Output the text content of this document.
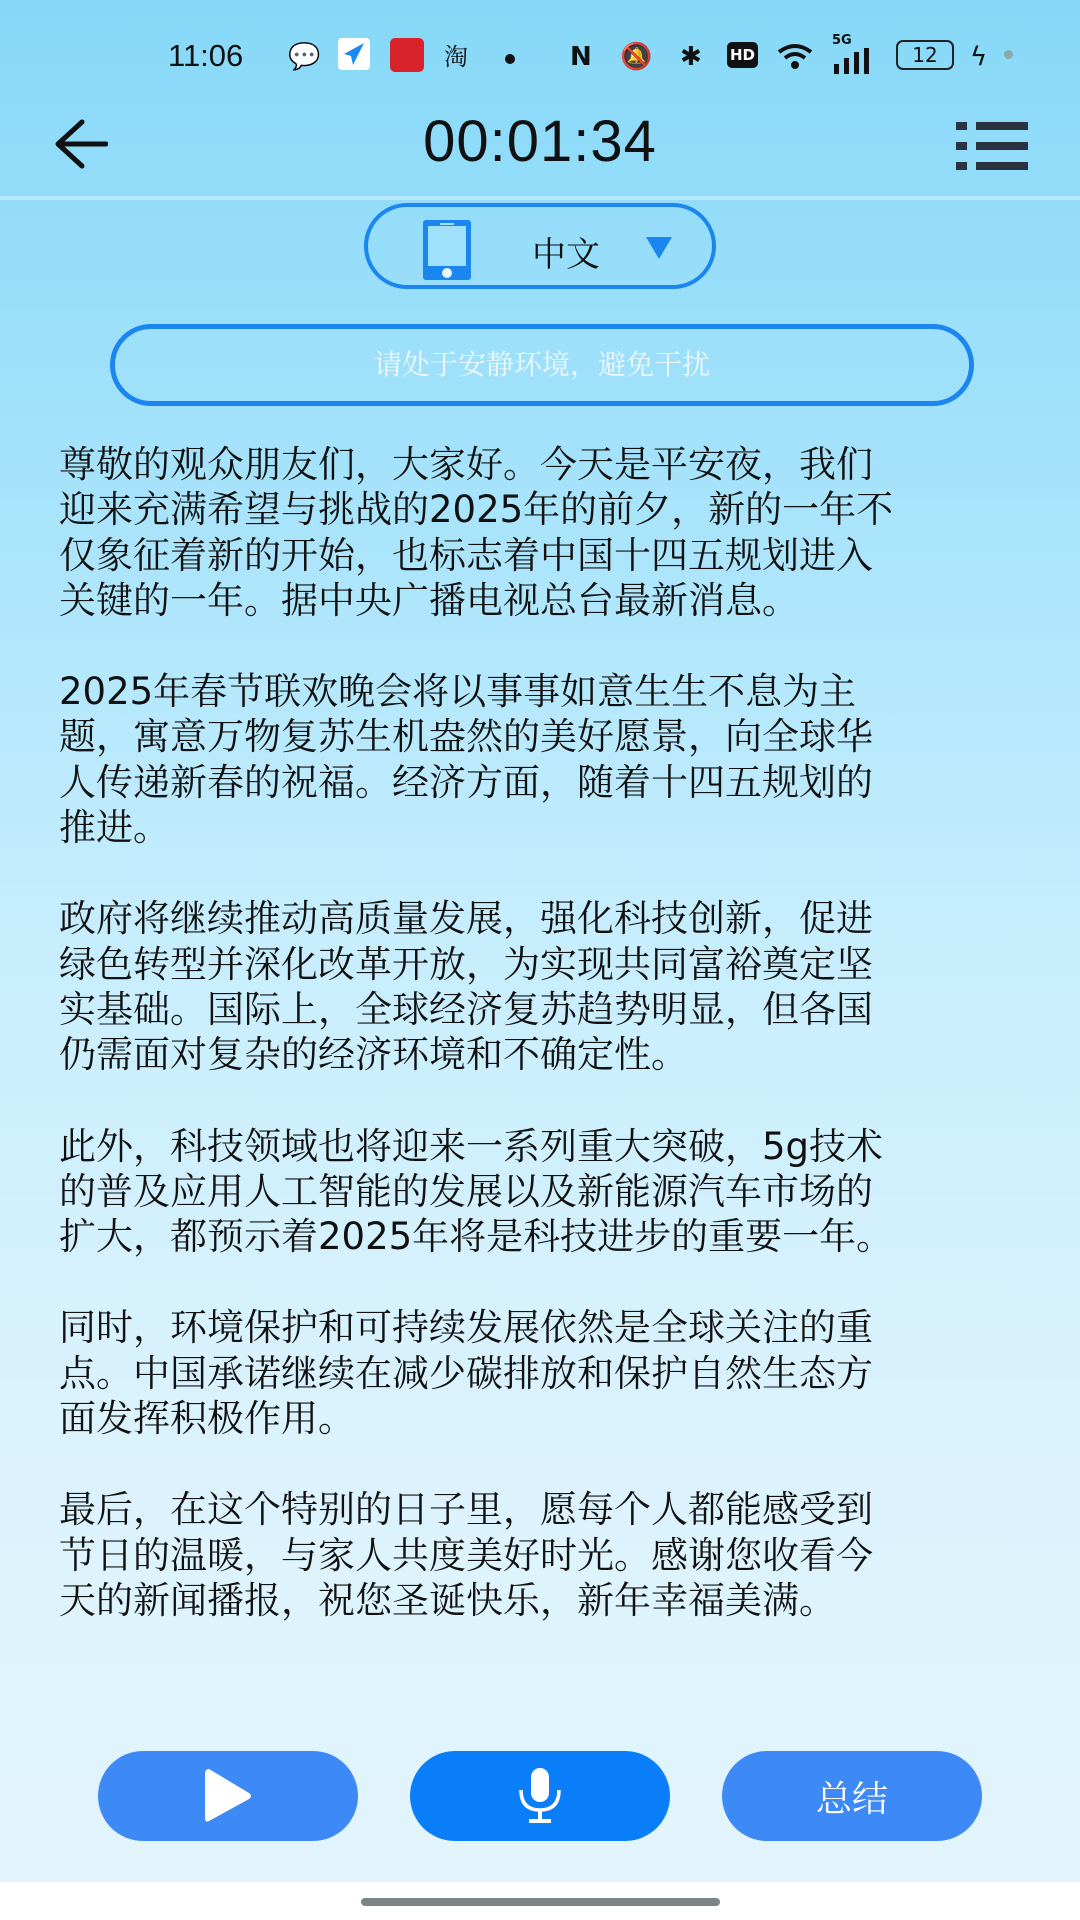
11:06 💬	淘	N 🔕 ✱ HD
5G
12	ϟ
00:01:34
中文
请处于安静环境，避免干扰
尊敬的观众朋友们，大家好。今天是平安夜，我们
迎来充满希望与挑战的2025年的前夕，新的一年不
仅象征着新的开始，也标志着中国十四五规划进入
关键的一年。据中央广播电视总台最新消息。
2025年春节联欢晚会将以事事如意生生不息为主
题，寓意万物复苏生机盎然的美好愿景，向全球华
人传递新春的祝福。经济方面，随着十四五规划的
推进。
政府将继续推动高质量发展，强化科技创新，促进
绿色转型并深化改革开放，为实现共同富裕奠定坚
实基础。国际上，全球经济复苏趋势明显，但各国
仍需面对复杂的经济环境和不确定性。
此外，科技领域也将迎来一系列重大突破，5g技术
的普及应用人工智能的发展以及新能源汽车市场的
扩大，都预示着2025年将是科技进步的重要一年。
同时，环境保护和可持续发展依然是全球关注的重
点。中国承诺继续在减少碳排放和保护自然生态方
面发挥积极作用。
最后，在这个特别的日子里，愿每个人都能感受到
节日的温暖，与家人共度美好时光。感谢您收看今
天的新闻播报，祝您圣诞快乐，新年幸福美满。
总结
